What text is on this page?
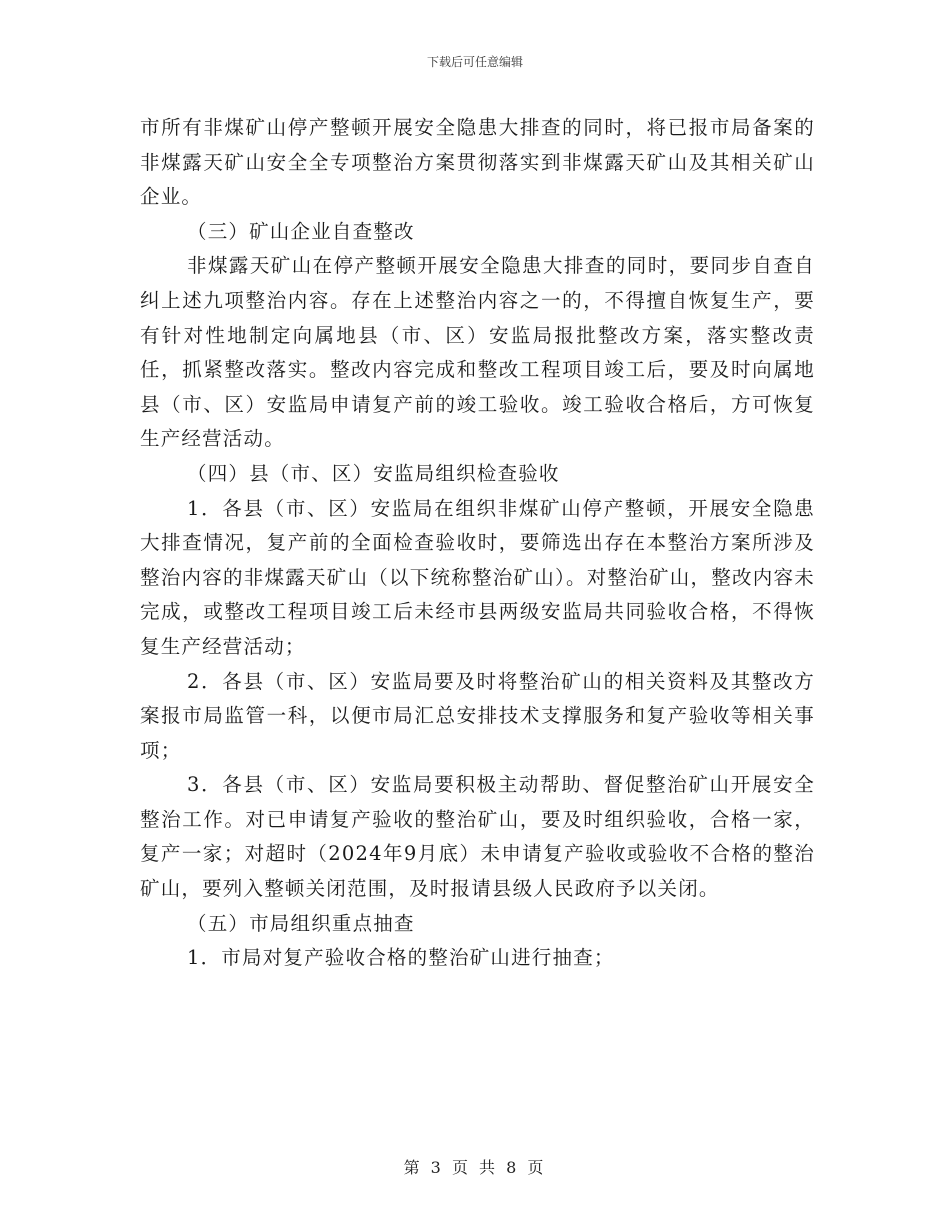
下载后可任意编辑

市所有非煤矿山停产整顿开展安全隐患大排查的同时，将已报市局备案的非煤露天矿山安全全专项整治方案贯彻落实到非煤露天矿山及其相关矿山企业。

（三）矿山企业自查整改

非煤露天矿山在停产整顿开展安全隐患大排查的同时，要同步自查自纠上述九项整治内容。存在上述整治内容之一的，不得擅自恢复生产，要有针对性地制定向属地县（市、区）安监局报批整改方案，落实整改责任，抓紧整改落实。整改内容完成和整改工程项目竣工后，要及时向属地县（市、区）安监局申请复产前的竣工验收。竣工验收合格后，方可恢复生产经营活动。

（四）县（市、区）安监局组织检查验收

1．各县（市、区）安监局在组织非煤矿山停产整顿，开展安全隐患大排查情况，复产前的全面检查验收时，要筛选出存在本整治方案所涉及整治内容的非煤露天矿山（以下统称整治矿山）。对整治矿山，整改内容未完成，或整改工程项目竣工后未经市县两级安监局共同验收合格，不得恢复生产经营活动；

2．各县（市、区）安监局要及时将整治矿山的相关资料及其整改方案报市局监管一科，以便市局汇总安排技术支撑服务和复产验收等相关事项；

3．各县（市、区）安监局要积极主动帮助、督促整治矿山开展安全整治工作。对已申请复产验收的整治矿山，要及时组织验收，合格一家，复产一家；对超时（2024年9月底）未申请复产验收或验收不合格的整治矿山，要列入整顿关闭范围，及时报请县级人民政府予以关闭。

（五）市局组织重点抽查

1．市局对复产验收合格的整治矿山进行抽查；

第 3 页 共 8 页
